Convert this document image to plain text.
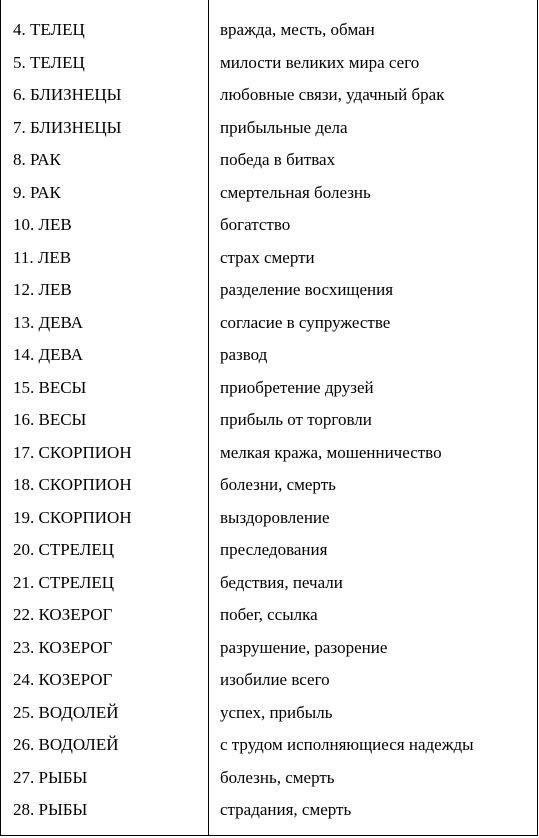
4. ТЕЛЕЦ	вражда, месть, обман
5. ТЕЛЕЦ	милости великих мира сего
6. БЛИЗНЕЦЫ	любовные связи, удачный брак
7. БЛИЗНЕЦЫ	прибыльные дела
8. РАК	победа в битвах
9. РАК	смертельная болезнь
10. ЛЕВ	богатство
11. ЛЕВ	страх смерти
12. ЛЕВ	разделение восхищения
13. ДЕВА	согласие в супружестве
14. ДЕВА	развод
15. ВЕСЫ	приобретение друзей
16. ВЕСЫ	прибыль от торговли
17. СКОРПИОН	мелкая кража, мошенничество
18. СКОРПИОН	болезни, смерть
19. СКОРПИОН	выздоровление
20. СТРЕЛЕЦ	преследования
21. СТРЕЛЕЦ	бедствия, печали
22. КОЗЕРОГ	побег, ссылка
23. КОЗЕРОГ	разрушение, разорение
24. КОЗЕРОГ	изобилие всего
25. ВОДОЛЕЙ	успех, прибыль
26. ВОДОЛЕЙ	с трудом исполняющиеся надежды
27. РЫБЫ	болезнь, смерть
28. РЫБЫ	страдания, смерть
